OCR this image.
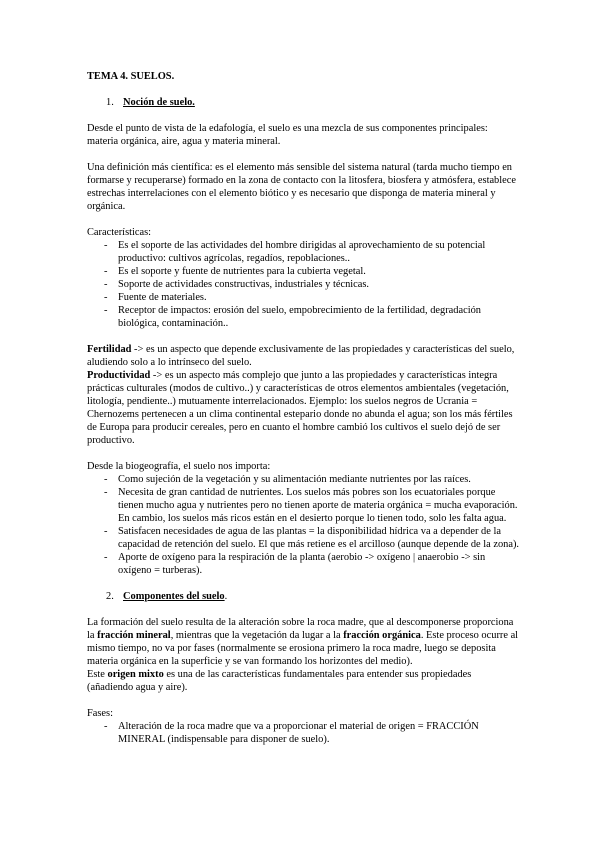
TEMA 4. SUELOS.

1. Noción de suelo.

Desde el punto de vista de la edafología, el suelo es una mezcla de sus componentes principales: materia orgánica, aire, agua y materia mineral.

Una definición más científica: es el elemento más sensible del sistema natural (tarda mucho tiempo en formarse y recuperarse) formado en la zona de contacto con la litosfera, biosfera y atmósfera, establece estrechas interrelaciones con el elemento biótico y es necesario que disponga de materia mineral y orgánica.

Características:

- Es el soporte de las actividades del hombre dirigidas al aprovechamiento de su potencial productivo: cultivos agrícolas, regadíos, repoblaciones..
- Es el soporte y fuente de nutrientes para la cubierta vegetal.
- Soporte de actividades constructivas, industriales y técnicas.
- Fuente de materiales.
- Receptor de impactos: erosión del suelo, empobrecimiento de la fertilidad, degradación biológica, contaminación..

Fertilidad -> es un aspecto que depende exclusivamente de las propiedades y características del suelo, aludiendo solo a lo intrínseco del suelo.

Productividad -> es un aspecto más complejo que junto a las propiedades y características integra prácticas culturales (modos de cultivo..) y características de otros elementos ambientales (vegetación, litología, pendiente..) mutuamente interrelacionados. Ejemplo: los suelos negros de Ucrania = Chernozems pertenecen a un clima continental estepario donde no abunda el agua; son los más fértiles de Europa para producir cereales, pero en cuanto el hombre cambió los cultivos el suelo dejó de ser productivo.

Desde la biogeografía, el suelo nos importa:

- Como sujeción de la vegetación y su alimentación mediante nutrientes por las raíces.
- Necesita de gran cantidad de nutrientes. Los suelos más pobres son los ecuatoriales porque tienen mucho agua y nutrientes pero no tienen aporte de materia orgánica = mucha evaporación. En cambio, los suelos más ricos están en el desierto porque lo tienen todo, solo les falta agua.
- Satisfacen necesidades de agua de las plantas = la disponibilidad hídrica va a depender de la capacidad de retención del suelo. El que más retiene es el arcilloso (aunque depende de la zona).
- Aporte de oxígeno para la respiración de la planta (aerobio -> oxígeno | anaerobio -> sin oxígeno = turberas).

2. Componentes del suelo.

La formación del suelo resulta de la alteración sobre la roca madre, que al descomponerse proporciona la fracción mineral, mientras que la vegetación da lugar a la fracción orgánica. Este proceso ocurre al mismo tiempo, no va por fases (normalmente se erosiona primero la roca madre, luego se deposita materia orgánica en la superficie y se van formando los horizontes del medio).

Este origen mixto es una de las características fundamentales para entender sus propiedades (añadiendo agua y aire).

Fases:

- Alteración de la roca madre que va a proporcionar el material de origen = FRACCIÓN MINERAL (indispensable para disponer de suelo).
